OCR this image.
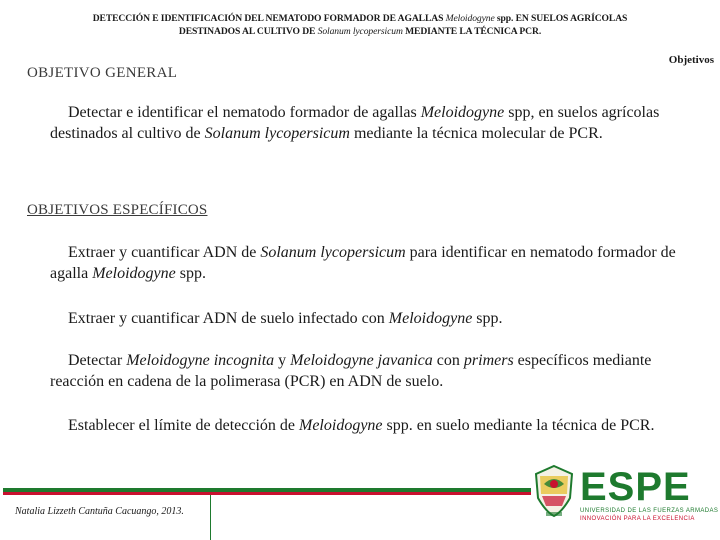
DETECCIÓN E IDENTIFICACIÓN DEL NEMATODO FORMADOR DE AGALLAS Meloidogyne spp. EN SUELOS AGRÍCOLAS
DESTINADOS AL CULTIVO DE Solanum lycopersicum MEDIANTE LA TÉCNICA PCR.
Objetivos
OBJETIVO GENERAL
Detectar e identificar el nematodo formador de agallas Meloidogyne spp, en suelos agrícolas destinados al cultivo de Solanum lycopersicum mediante la técnica molecular de PCR.
OBJETIVOS ESPECÍFICOS
Extraer y cuantificar ADN de Solanum lycopersicum para identificar en nematodo formador de agalla Meloidogyne spp.
Extraer y cuantificar ADN de suelo infectado con Meloidogyne spp.
Detectar Meloidogyne incognita y Meloidogyne javanica con primers específicos mediante reacción en cadena de la polimerasa (PCR) en ADN de suelo.
Establecer el límite de detección de Meloidogyne spp. en suelo mediante la técnica de PCR.
Natalia Lizzeth Cantuña Cacuango, 2013.
ESPE
UNIVERSIDAD DE LAS FUERZAS ARMADAS
INNOVACIÓN PARA LA EXCELENCIA
